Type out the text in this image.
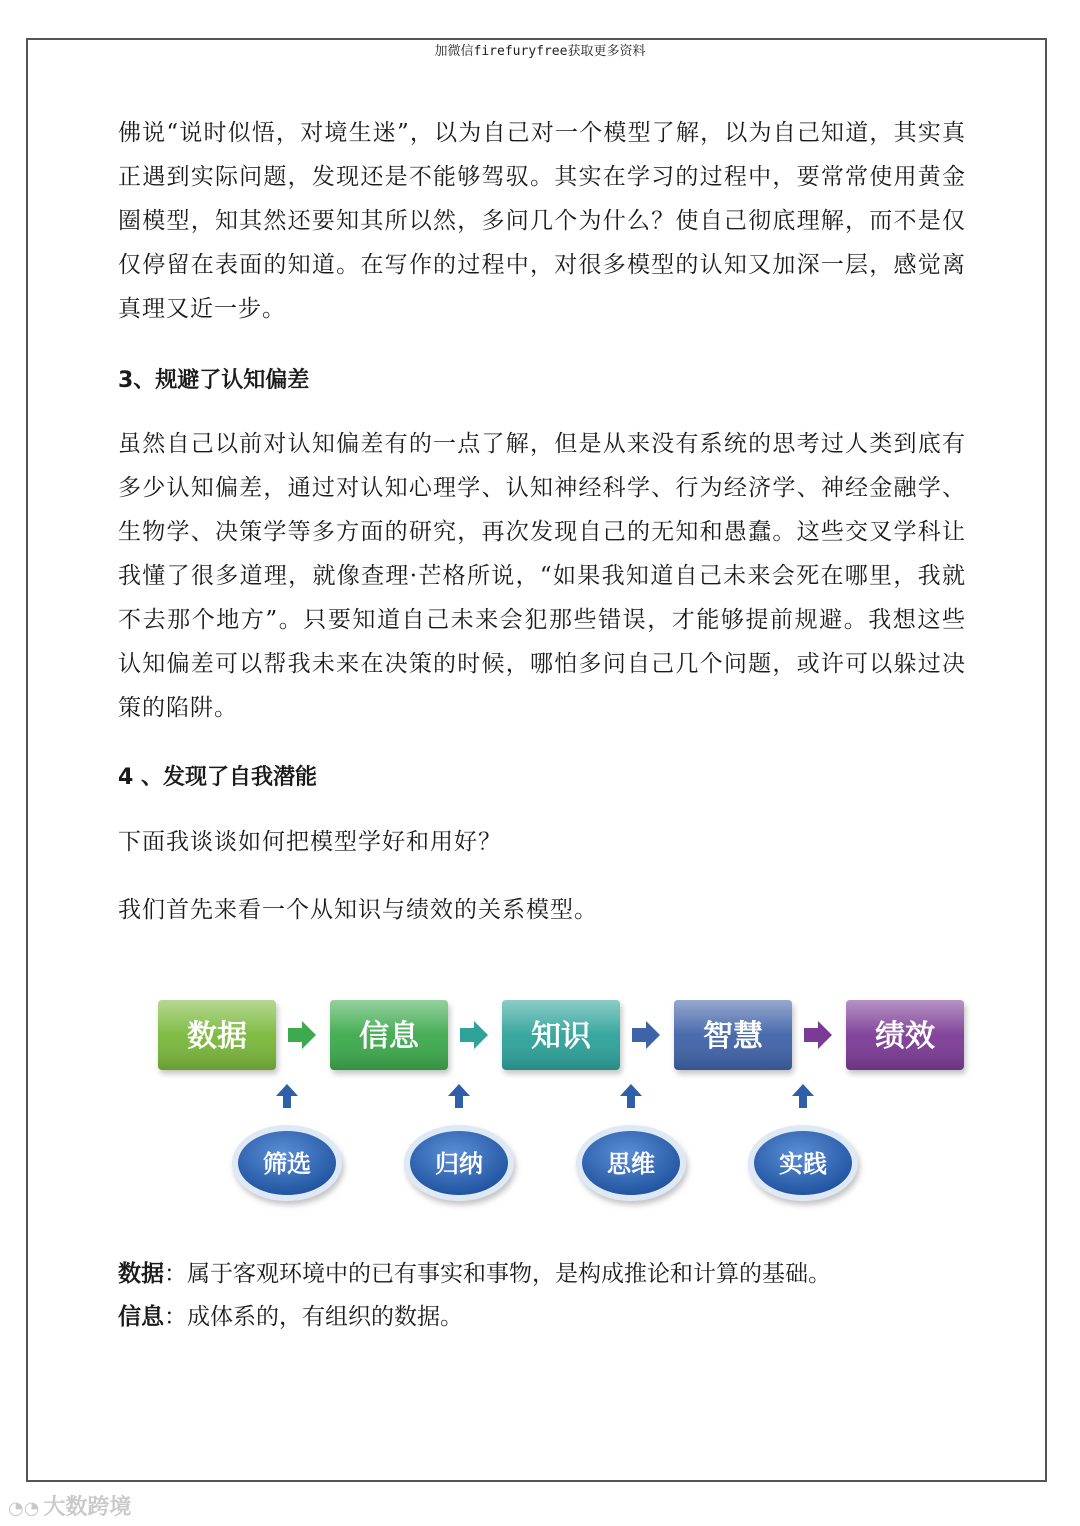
加微信firefuryfree获取更多资料

佛说“说时似悟，对境生迷”，以为自己对一个模型了解，以为自己知道，其实真正遇到实际问题，发现还是不能够驾驭。其实在学习的过程中，要常常使用黄金圈模型，知其然还要知其所以然，多问几个为什么？使自己彻底理解，而不是仅仅停留在表面的知道。在写作的过程中，对很多模型的认知又加深一层，感觉离真理又近一步。

3、规避了认知偏差

虽然自己以前对认知偏差有的一点了解，但是从来没有系统的思考过人类到底有多少认知偏差，通过对认知心理学、认知神经科学、行为经济学、神经金融学、生物学、决策学等多方面的研究，再次发现自己的无知和愚蠢。这些交叉学科让我懂了很多道理，就像查理·芒格所说，“如果我知道自己未来会死在哪里，我就不去那个地方”。只要知道自己未来会犯那些错误，才能够提前规避。我想这些认知偏差可以帮我未来在决策的时候，哪怕多问自己几个问题，或许可以躲过决策的陷阱。

4 、发现了自我潜能

下面我谈谈如何把模型学好和用好？

我们首先来看一个从知识与绩效的关系模型。

数据	信息	知识	智慧	绩效
筛选	归纳	思维	实践

数据：属于客观环境中的已有事实和事物，是构成推论和计算的基础。

信息：成体系的，有组织的数据。

◔◔ 大数跨境
